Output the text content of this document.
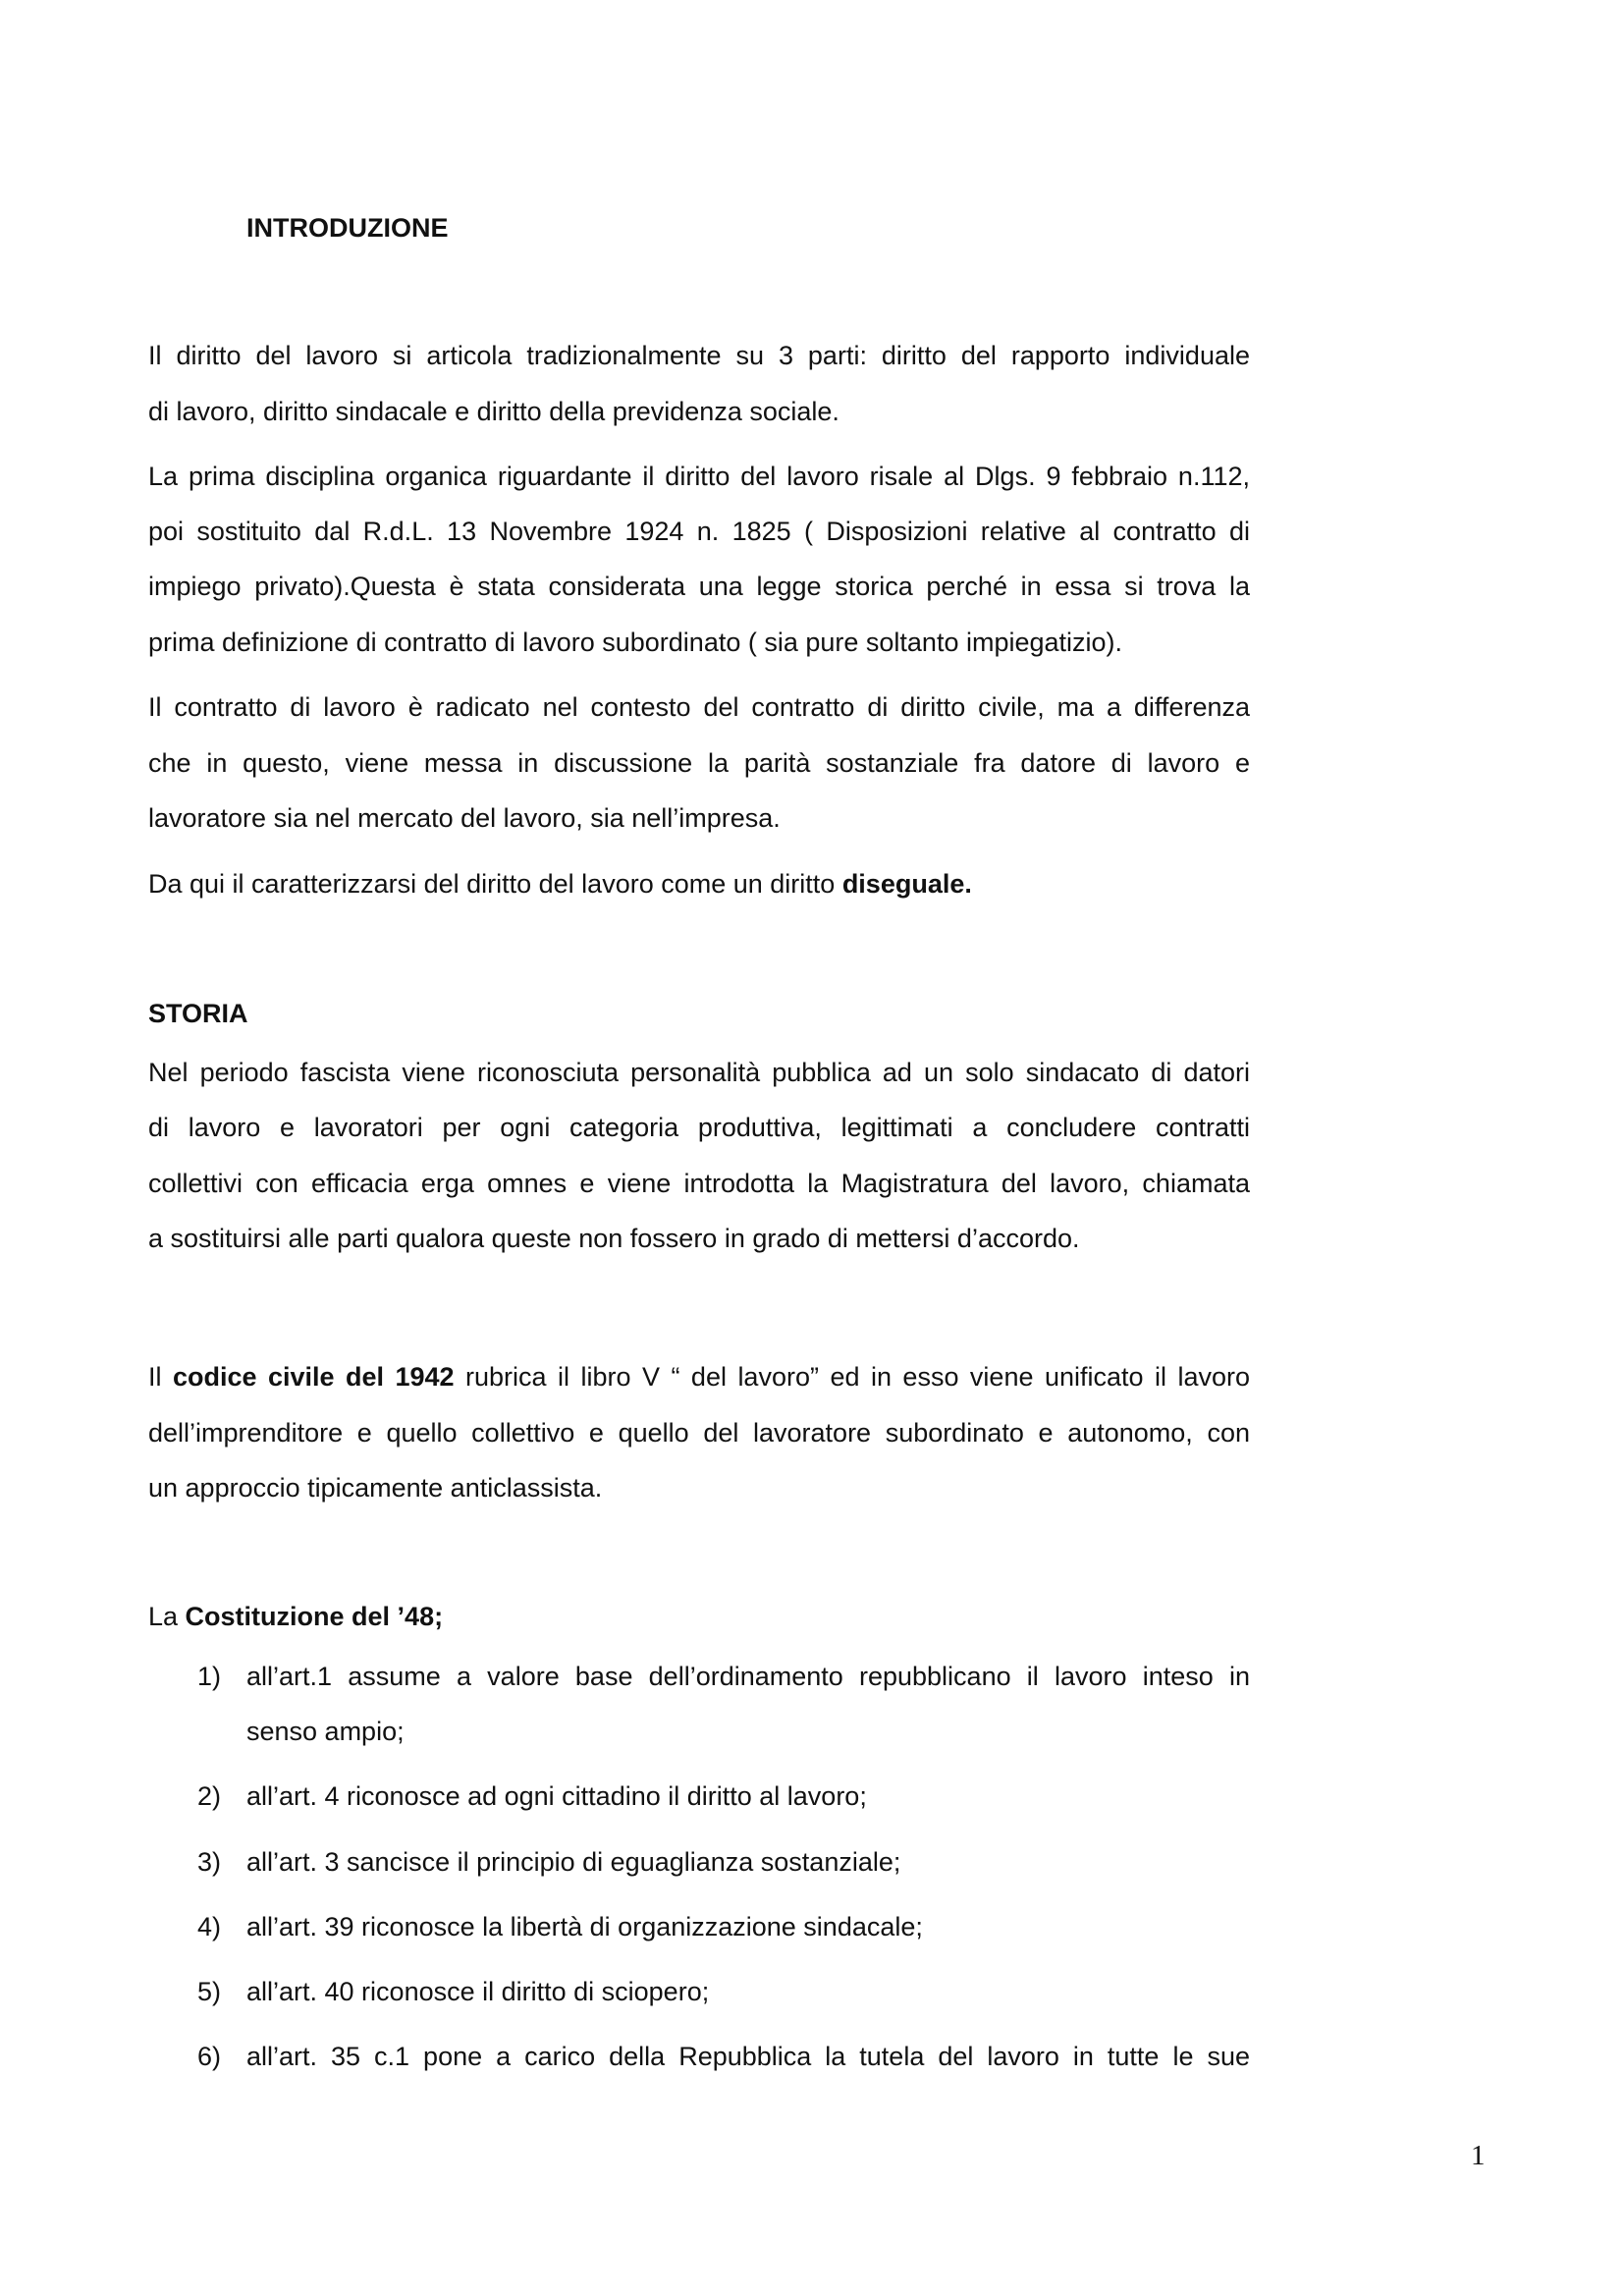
INTRODUZIONE
Il diritto del lavoro si articola tradizionalmente su 3 parti: diritto del rapporto individuale
di lavoro, diritto sindacale e diritto della previdenza sociale.
La prima disciplina organica riguardante il diritto del lavoro risale al Dlgs. 9 febbraio n.112,
poi sostituito dal R.d.L. 13 Novembre 1924 n. 1825 ( Disposizioni relative al contratto di
impiego privato).Questa è stata considerata una legge storica perché in essa si trova la
prima definizione di contratto di lavoro subordinato ( sia pure soltanto impiegatizio).
Il contratto di lavoro è radicato nel contesto del contratto di diritto civile, ma a differenza
che in questo, viene messa in discussione la parità sostanziale fra datore di lavoro e
lavoratore sia nel mercato del lavoro, sia nell’impresa.
Da qui il caratterizzarsi del diritto del lavoro come un diritto diseguale.
STORIA
Nel periodo fascista viene riconosciuta personalità pubblica ad un solo sindacato di datori
di lavoro e lavoratori per ogni categoria produttiva, legittimati a concludere contratti
collettivi con efficacia erga omnes e viene introdotta la Magistratura del lavoro, chiamata
a sostituirsi alle parti qualora queste non fossero in grado di mettersi d’accordo.
Il codice civile del 1942 rubrica il libro V “ del lavoro” ed in esso viene unificato il lavoro
dell’imprenditore e quello collettivo e quello del lavoratore subordinato e autonomo, con
un approccio tipicamente anticlassista.
La Costituzione del ’48;
1) all’art.1 assume a valore base dell’ordinamento repubblicano il lavoro inteso in
senso ampio;
2) all’art. 4 riconosce ad ogni cittadino il diritto al lavoro;
3) all’art. 3 sancisce il principio di eguaglianza sostanziale;
4) all’art. 39 riconosce la libertà di organizzazione sindacale;
5) all’art. 40 riconosce il diritto di sciopero;
6) all’art. 35 c.1 pone a carico della Repubblica la tutela del lavoro in tutte le sue
1
